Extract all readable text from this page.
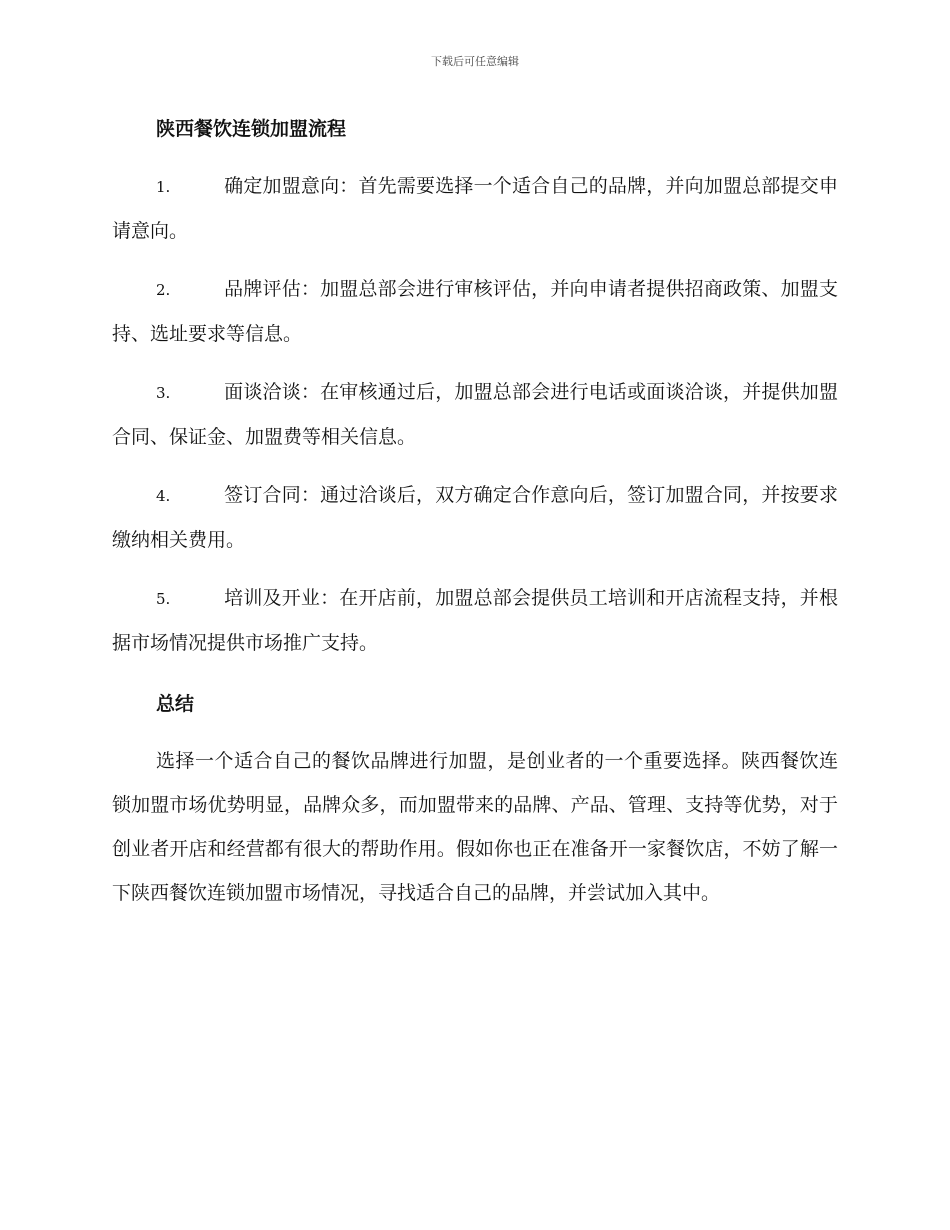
下载后可任意编辑
陕西餐饮连锁加盟流程
1.	确定加盟意向：首先需要选择一个适合自己的品牌，并向加盟总部提交申请意向。
2.	品牌评估：加盟总部会进行审核评估，并向申请者提供招商政策、加盟支持、选址要求等信息。
3.	面谈洽谈：在审核通过后，加盟总部会进行电话或面谈洽谈，并提供加盟合同、保证金、加盟费等相关信息。
4.	签订合同：通过洽谈后，双方确定合作意向后，签订加盟合同，并按要求缴纳相关费用。
5.	培训及开业：在开店前，加盟总部会提供员工培训和开店流程支持，并根据市场情况提供市场推广支持。
总结

选择一个适合自己的餐饮品牌进行加盟，是创业者的一个重要选择。陕西餐饮连锁加盟市场优势明显，品牌众多，而加盟带来的品牌、产品、管理、支持等优势，对于创业者开店和经营都有很大的帮助作用。假如你也正在准备开一家餐饮店，不妨了解一下陕西餐饮连锁加盟市场情况，寻找适合自己的品牌，并尝试加入其中。
